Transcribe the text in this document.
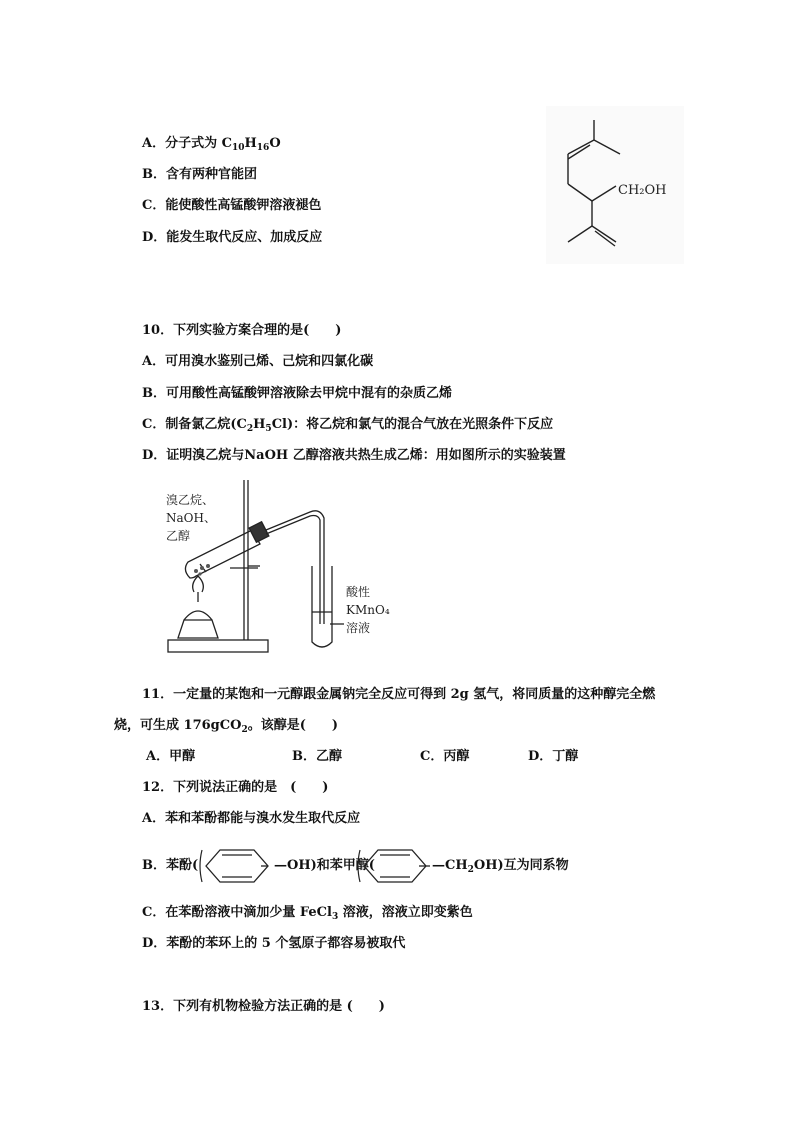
A．分子式为 $C_{10}H_{16}O$
B．含有两种官能团
C．能使酸性高锰酸钾溶液褪色
D．能发生取代反应、加成反应
CH₂OH
10．下列实验方案合理的是(　　)
A．可用溴水鉴别己烯、己烷和四氯化碳
B．可用酸性高锰酸钾溶液除去甲烷中混有的杂质乙烯
C．制备氯乙烷$(C_2H_5Cl)$：将乙烷和氯气的混合气放在光照条件下反应
D．证明溴乙烷与NaOH 乙醇溶液共热生成乙烯：用如图所示的实验装置
溴乙烷、
NaOH、
乙醇
酸性
KMnO₄
溶液
11．一定量的某饱和一元醇跟金属钠完全反应可得到 2g 氢气，将同质量的这种醇完全燃
烧，可生成 176gCO$_2$。该醇是(　　)
A．甲醇	B．乙醇	C．丙醇	D．丁醇
12．下列说法正确的是　(　　)
A．苯和苯酚都能与溴水发生取代反应
B．苯酚(	—OH)和苯甲醇(	$—CH_2OH$)互为同系物
C．在苯酚溶液中滴加少量 FeCl$_3$ 溶液，溶液立即变紫色
D．苯酚的苯环上的 5 个氢原子都容易被取代
13．下列有机物检验方法正确的是 (　　)
